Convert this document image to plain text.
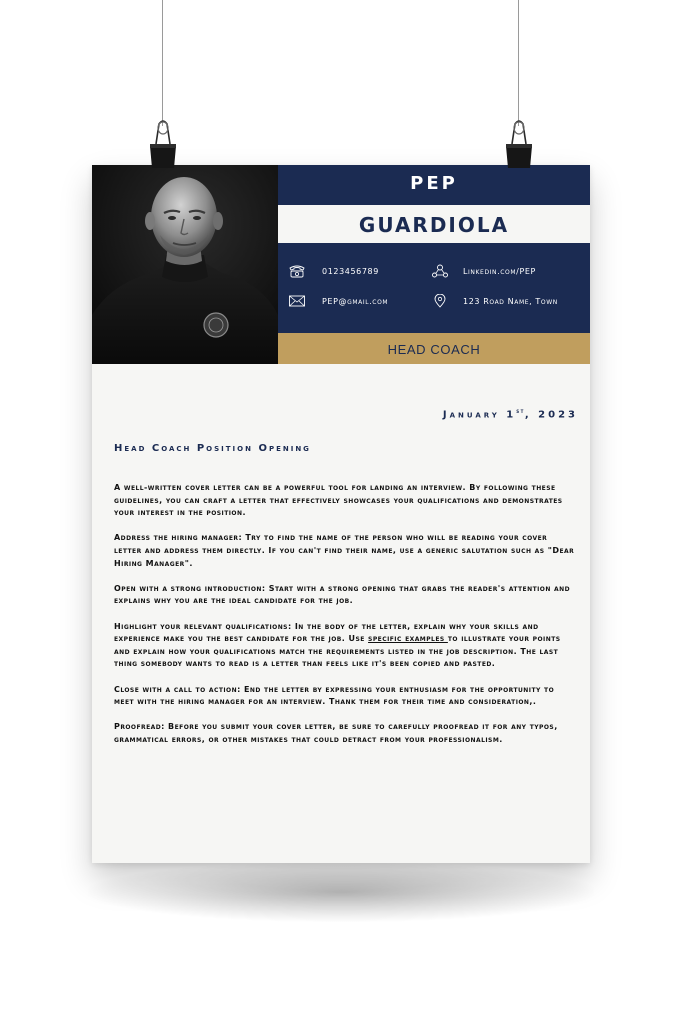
PEP
GUARDIOLA
0123456789	Linkedin.com/PEP
PEP@gmail.com	123 Road Name, Town
HEAD COACH
January 1st, 2023
Head Coach Position Opening

A well-written cover letter can be a powerful tool for landing an interview. By following these guidelines, you can craft a letter that effectively showcases your qualifications and demonstrates your interest in the position.

Address the hiring manager: Try to find the name of the person who will be reading your cover letter and address them directly. If you can't find their name, use a generic salutation such as "Dear Hiring Manager".

Open with a strong introduction: Start with a strong opening that grabs the reader's attention and explains why you are the ideal candidate for the job.

Highlight your relevant qualifications: In the body of the letter, explain why your skills and experience make you the best candidate for the job. Use specific examples to illustrate your points and explain how your qualifications match the requirements listed in the job description. The last thing somebody wants to read is a letter than feels like it's been copied and pasted.

Close with a call to action: End the letter by expressing your enthusiasm for the opportunity to meet with the hiring manager for an interview. Thank them for their time and consideration,.

Proofread: Before you submit your cover letter, be sure to carefully proofread it for any typos, grammatical errors, or other mistakes that could detract from your professionalism.
